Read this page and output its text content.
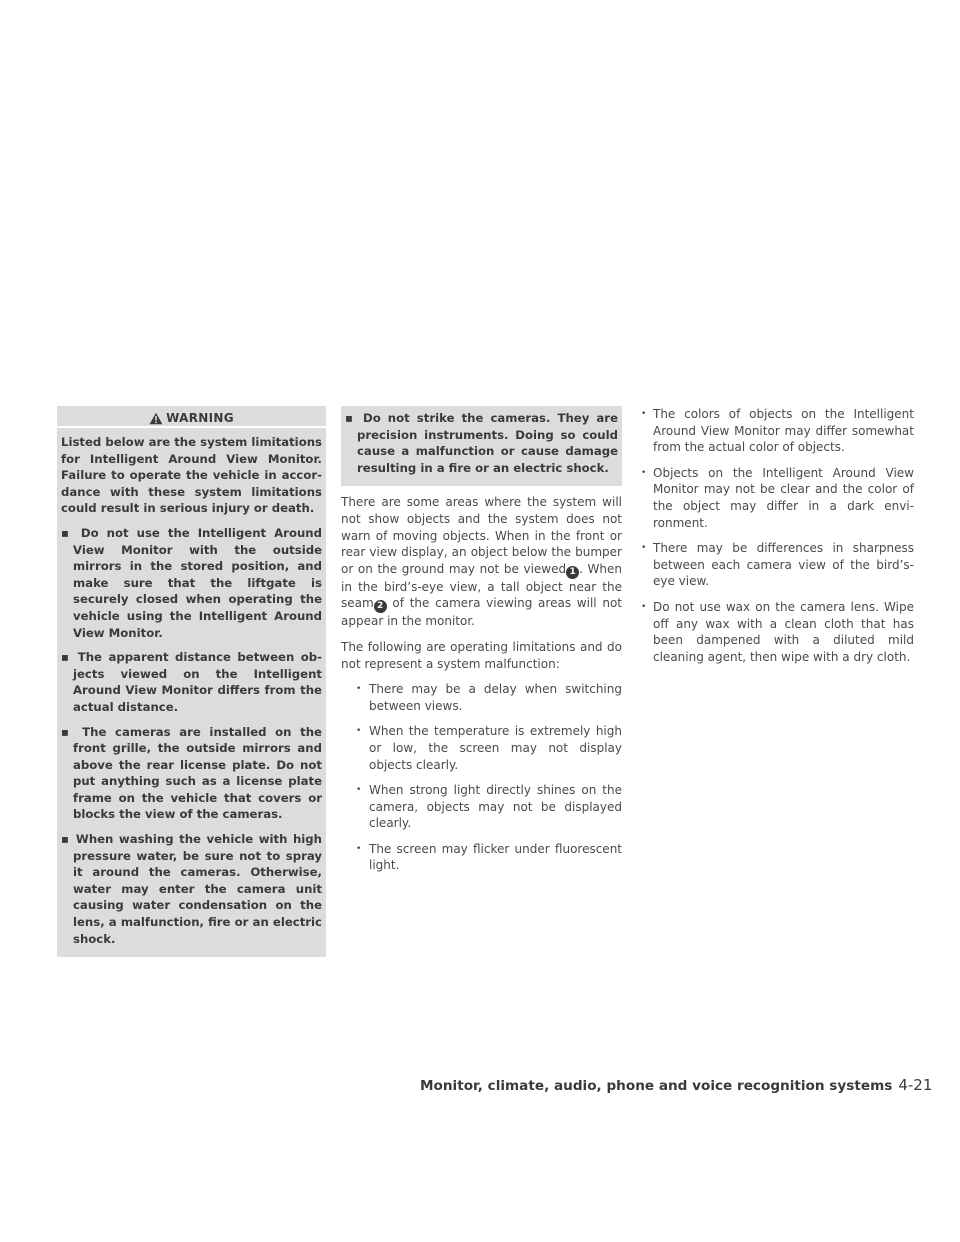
WARNING

Listed below are the system limitations for Intelligent Around View Monitor. Failure to operate the vehicle in accordance with these system limitations could result in serious injury or death.

▪ Do not use the Intelligent Around View Monitor with the outside mirrors in the stored position, and make sure that the liftgate is securely closed when operating the vehicle using the Intelligent Around View Monitor.
▪ The apparent distance between objects viewed on the Intelligent Around View Monitor differs from the actual distance.
▪ The cameras are installed on the front grille, the outside mirrors and above the rear license plate. Do not put anything such as a license plate frame on the vehicle that covers or blocks the view of the cameras.
▪ When washing the vehicle with high pressure water, be sure not to spray it around the cameras. Otherwise, water may enter the camera unit causing water condensation on the lens, a malfunction, fire or an electric shock.
▪ Do not strike the cameras. They are precision instruments. Doing so could cause a malfunction or cause damage resulting in a fire or an electric shock.

There are some areas where the system will not show objects and the system does not warn of moving objects. When in the front or rear view display, an object below the bumper or on the ground may not be viewed 1 . When in the bird’s-eye view, a tall object near the seam 2 of the camera viewing areas will not appear in the monitor.

The following are operating limitations and do not represent a system malfunction:

• There may be a delay when switching between views.
• When the temperature is extremely high or low, the screen may not display objects clearly.
• When strong light directly shines on the camera, objects may not be displayed clearly.
• The screen may flicker under fluorescent light.
• The colors of objects on the Intelligent Around View Monitor may differ somewhat from the actual color of objects.
• Objects on the Intelligent Around View Monitor may not be clear and the color of the object may differ in a dark environment.
• There may be differences in sharpness between each camera view of the bird’s-eye view.
• Do not use wax on the camera lens. Wipe off any wax with a clean cloth that has been dampened with a diluted mild cleaning agent, then wipe with a dry cloth.
Monitor, climate, audio, phone and voice recognition systems 4-21
